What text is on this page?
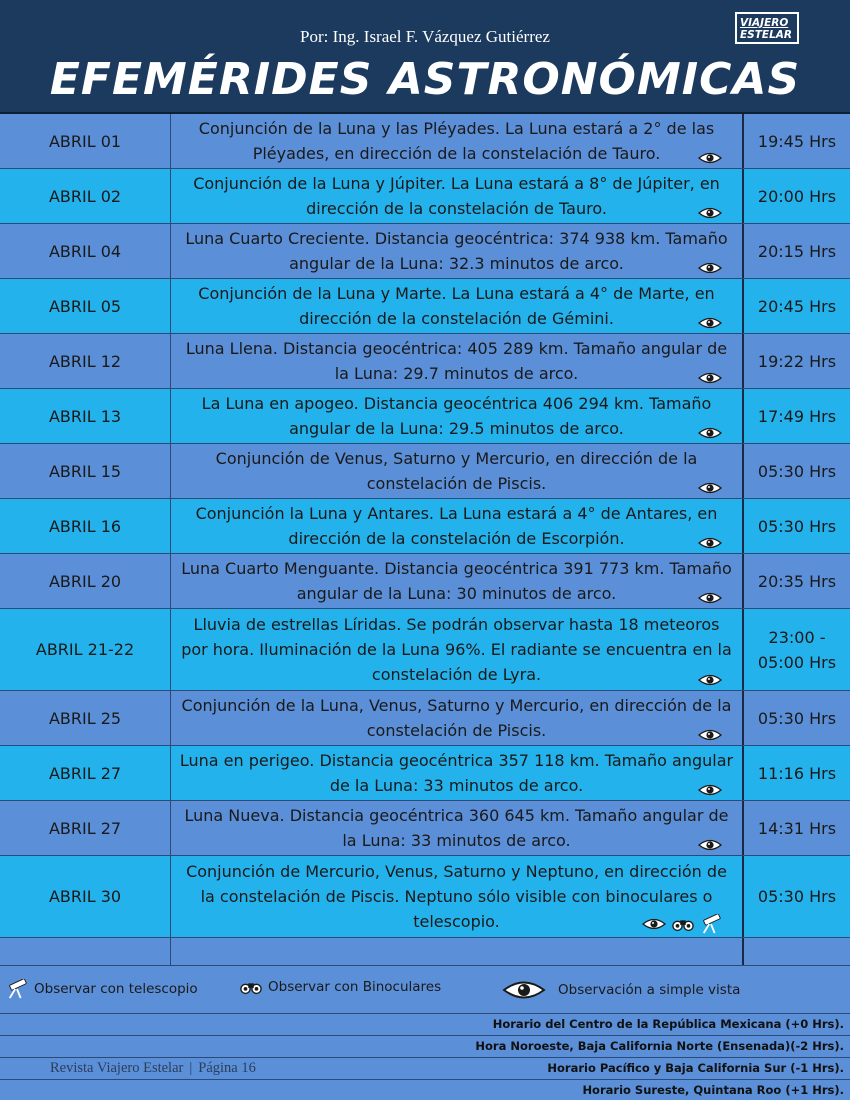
Por: Ing. Israel F. Vázquez Gutiérrez
EFEMÉRIDES ASTRONÓMICAS
VIAJERO
ESTELAR
ABRIL 01
Conjunción de la Luna y las Pléyades. La Luna estará a 2° de las Pléyades, en dirección de la constelación de Tauro.
19:45 Hrs
ABRIL 02
Conjunción de la Luna y Júpiter. La Luna estará a 8° de Júpiter, en dirección de la constelación de Tauro.
20:00 Hrs
ABRIL 04
Luna Cuarto Creciente. Distancia geocéntrica: 374 938 km. Tamaño angular de la Luna: 32.3 minutos de arco.
20:15 Hrs
ABRIL 05
Conjunción de la Luna y Marte. La Luna estará a 4° de Marte, en dirección de la constelación de Gémini.
20:45 Hrs
ABRIL 12
Luna Llena. Distancia geocéntrica: 405 289 km. Tamaño angular de la Luna: 29.7 minutos de arco.
19:22 Hrs
ABRIL 13
La Luna en apogeo. Distancia geocéntrica 406 294 km. Tamaño angular de la Luna: 29.5 minutos de arco.
17:49 Hrs
ABRIL 15
Conjunción de Venus, Saturno y Mercurio, en dirección de la constelación de Piscis.
05:30 Hrs
ABRIL 16
Conjunción la Luna y Antares. La Luna estará a 4° de Antares, en dirección de la constelación de Escorpión.
05:30 Hrs
ABRIL 20
Luna Cuarto Menguante. Distancia geocéntrica 391 773 km. Tamaño angular de la Luna: 30 minutos de arco.
20:35 Hrs
ABRIL 21-22
Lluvia de estrellas Líridas. Se podrán observar hasta 18 meteoros por hora. Iluminación de la Luna 96%. El radiante se encuentra en la constelación de Lyra.
23:00 - 05:00 Hrs
ABRIL 25
Conjunción de la Luna, Venus, Saturno y Mercurio, en dirección de la constelación de Piscis.
05:30 Hrs
ABRIL 27
Luna en perigeo. Distancia geocéntrica 357 118 km. Tamaño angular de la Luna: 33 minutos de arco.
11:16 Hrs
ABRIL 27
Luna Nueva. Distancia geocéntrica 360 645 km. Tamaño angular de la Luna: 33 minutos de arco.
14:31 Hrs
ABRIL 30
Conjunción de Mercurio, Venus, Saturno y Neptuno, en dirección de la constelación de Piscis. Neptuno sólo visible con binoculares o telescopio.
05:30 Hrs
Observar con telescopio	Observar con Binoculares	Observación a simple vista
Horario del Centro de la República Mexicana (+0 Hrs).
Hora Noroeste, Baja California Norte (Ensenada)(-2 Hrs).
Horario Pacífico y Baja California Sur (-1 Hrs).
Horario Sureste, Quintana Roo (+1 Hrs).
Revista Viajero Estelar | Página 16
